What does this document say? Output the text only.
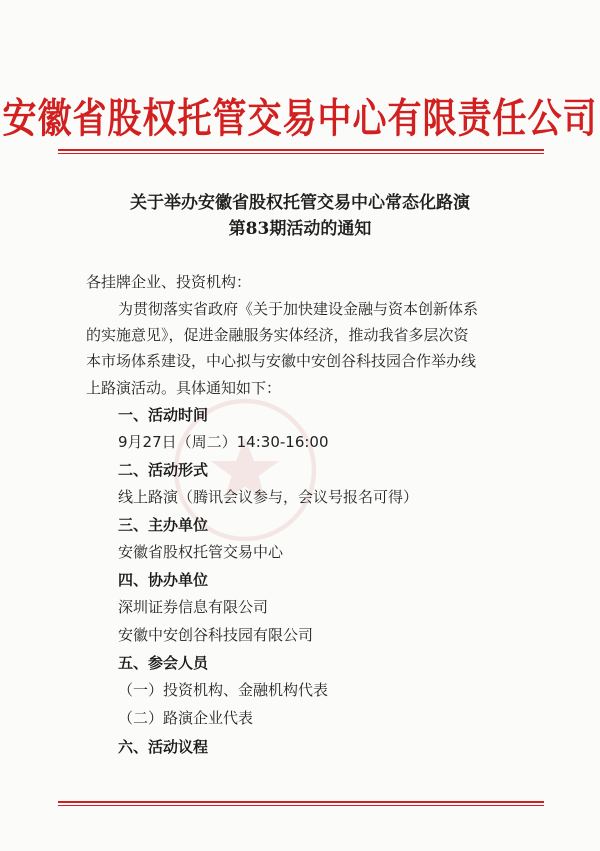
安徽省股权托管交易中心有限责任公司
关于举办安徽省股权托管交易中心常态化路演
第83期活动的通知
各挂牌企业、投资机构：
为贯彻落实省政府《关于加快建设金融与资本创新体系
的实施意见》，促进金融服务实体经济，推动我省多层次资
本市场体系建设，中心拟与安徽中安创谷科技园合作举办线
上路演活动。具体通知如下：
一、活动时间
9月27日（周二）14:30-16:00
二、活动形式
线上路演（腾讯会议参与，会议号报名可得）
三、主办单位
安徽省股权托管交易中心
四、协办单位
深圳证券信息有限公司
安徽中安创谷科技园有限公司
五、参会人员
（一）投资机构、金融机构代表
（二）路演企业代表
六、活动议程
